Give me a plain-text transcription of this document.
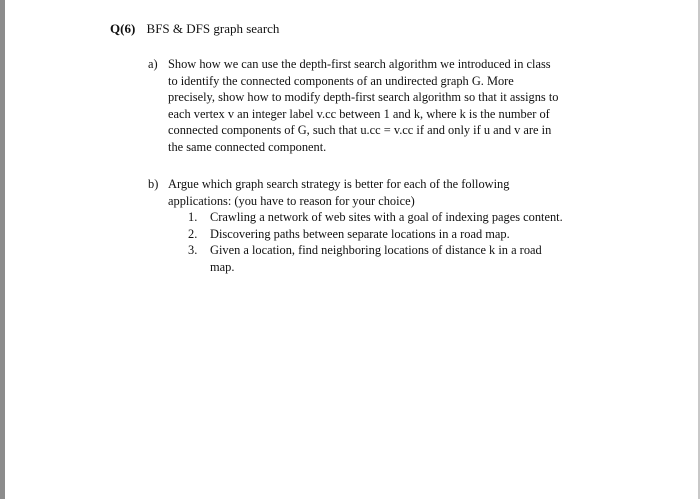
Q(6) BFS & DFS graph search
a) Show how we can use the depth-first search algorithm we introduced in class
to identify the connected components of an undirected graph G. More
precisely, show how to modify depth-first search algorithm so that it assigns to
each vertex v an integer label v.cc between 1 and k, where k is the number of
connected components of G, such that u.cc = v.cc if and only if u and v are in
the same connected component.
b) Argue which graph search strategy is better for each of the following
applications: (you have to reason for your choice)
1. Crawling a network of web sites with a goal of indexing pages content.
2. Discovering paths between separate locations in a road map.
3. Given a location, find neighboring locations of distance k in a road
map.
